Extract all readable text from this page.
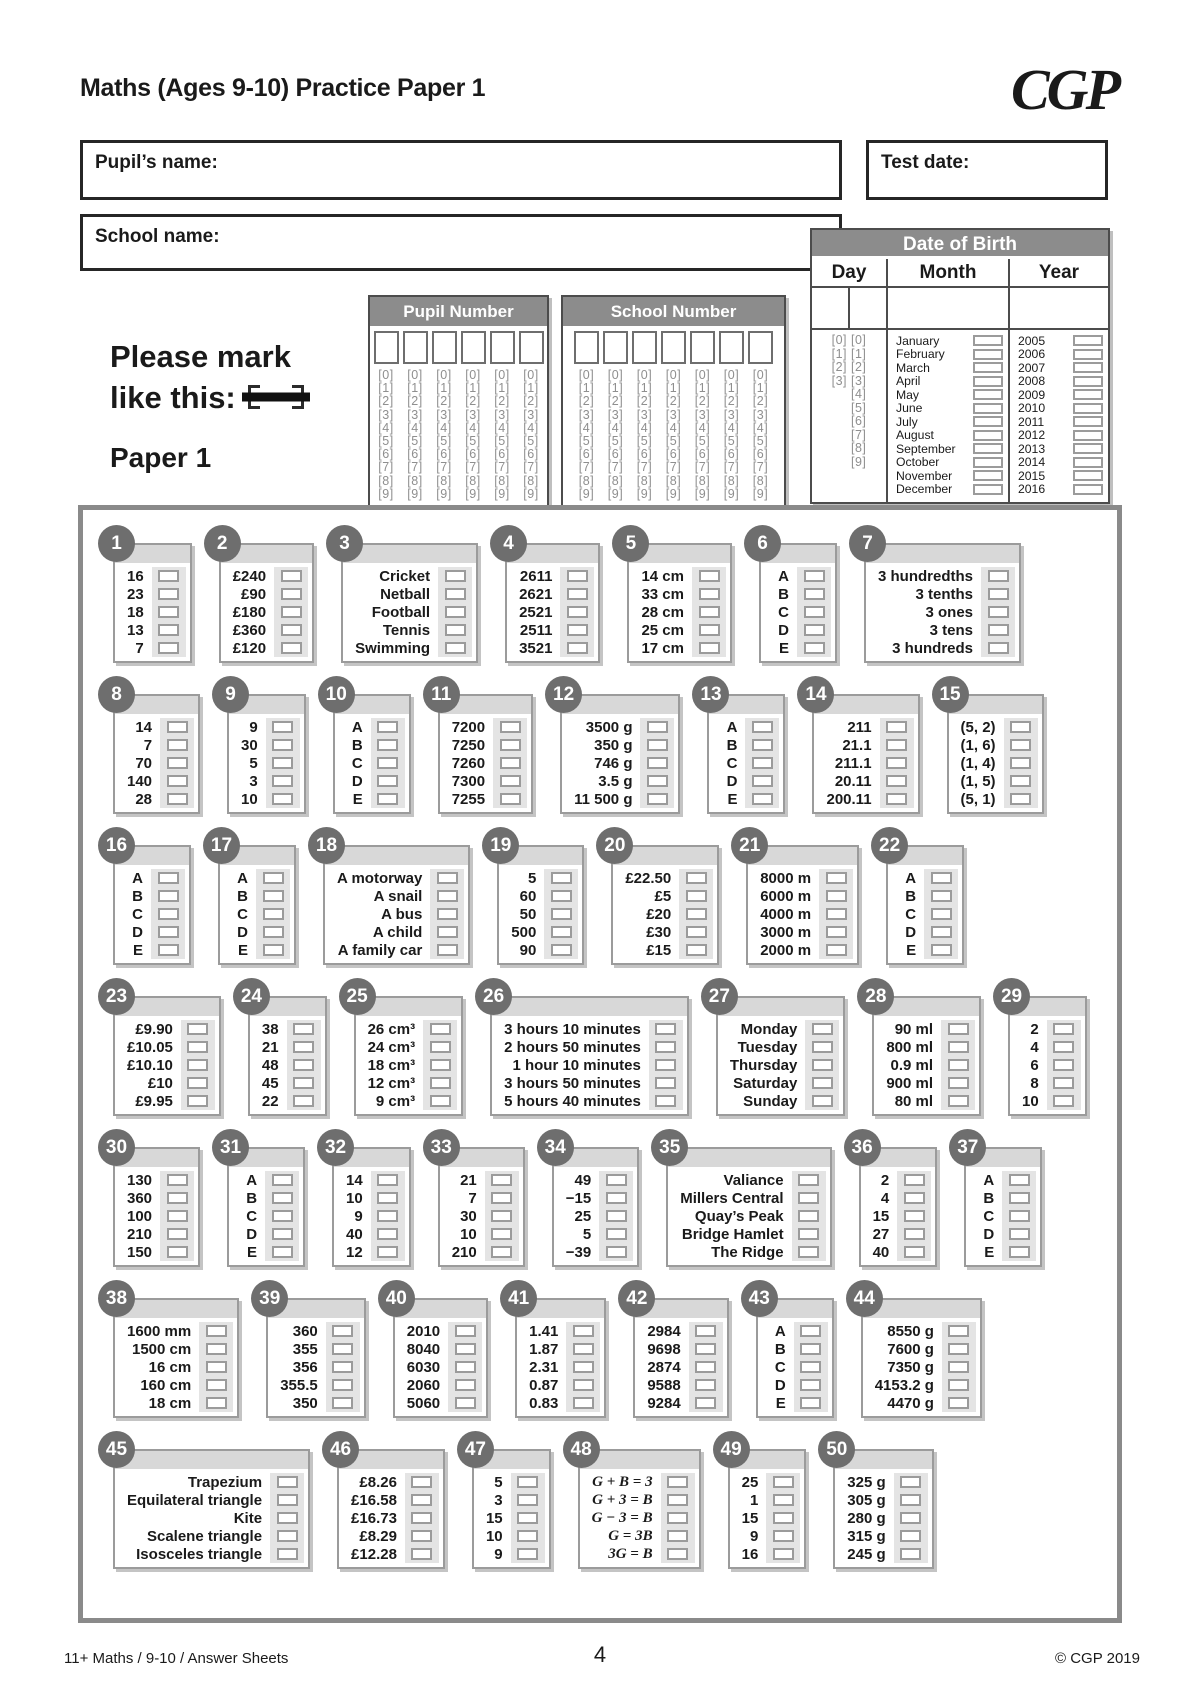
Maths (Ages 9-10) Practice Paper 1	CGP
Pupil’s name:	Test date:
School name:
Pupil Number
[0]
[1]
[2]
[3]
[4]
[5]
[6]
[7]
[8]
[9]
[0]
[1]
[2]
[3]
[4]
[5]
[6]
[7]
[8]
[9]
[0]
[1]
[2]
[3]
[4]
[5]
[6]
[7]
[8]
[9]
[0]
[1]
[2]
[3]
[4]
[5]
[6]
[7]
[8]
[9]
[0]
[1]
[2]
[3]
[4]
[5]
[6]
[7]
[8]
[9]
[0]
[1]
[2]
[3]
[4]
[5]
[6]
[7]
[8]
[9]
School Number
[0]
[1]
[2]
[3]
[4]
[5]
[6]
[7]
[8]
[9]
[0]
[1]
[2]
[3]
[4]
[5]
[6]
[7]
[8]
[9]
[0]
[1]
[2]
[3]
[4]
[5]
[6]
[7]
[8]
[9]
[0]
[1]
[2]
[3]
[4]
[5]
[6]
[7]
[8]
[9]
[0]
[1]
[2]
[3]
[4]
[5]
[6]
[7]
[8]
[9]
[0]
[1]
[2]
[3]
[4]
[5]
[6]
[7]
[8]
[9]
[0]
[1]
[2]
[3]
[4]
[5]
[6]
[7]
[8]
[9]
Date of Birth
Day	Month	Year
[0]
[1]
[2]
[3]
[0]
[1]
[2]
[3]
[4]
[5]
[6]
[7]
[8]
[9]
January
February
March
April
May
June
July
August
September
October
November
December
2005
2006
2007
2008
2009
2010
2011
2012
2013
2014
2015
2016
Please mark
like this:
Paper 1
1
16
23
18
13
7
2
£240
£90
£180
£360
£120
3
Cricket
Netball
Football
Tennis
Swimming
4
2611
2621
2521
2511
3521
5
14 cm
33 cm
28 cm
25 cm
17 cm
6
A
B
C
D
E
7
3 hundredths
3 tenths
3 ones
3 tens
3 hundreds
8
14
7
70
140
28
9
9
30
5
3
10
10
A
B
C
D
E
11
7200
7250
7260
7300
7255
12
3500 g
350 g
746 g
3.5 g
11 500 g
13
A
B
C
D
E
14
211
21.1
211.1
20.11
200.11
15
(5, 2)
(1, 6)
(1, 4)
(1, 5)
(5, 1)
16
A
B
C
D
E
17
A
B
C
D
E
18
A motorway
A snail
A bus
A child
A family car
19
5
60
50
500
90
20
£22.50
£5
£20
£30
£15
21
8000 m
6000 m
4000 m
3000 m
2000 m
22
A
B
C
D
E
23
£9.90
£10.05
£10.10
£10
£9.95
24
38
21
48
45
22
25
26 cm³
24 cm³
18 cm³
12 cm³
9 cm³
26
3 hours 10 minutes
2 hours 50 minutes
1 hour 10 minutes
3 hours 50 minutes
5 hours 40 minutes
27
Monday
Tuesday
Thursday
Saturday
Sunday
28
90 ml
800 ml
0.9 ml
900 ml
80 ml
29
2
4
6
8
10
30
130
360
100
210
150
31
A
B
C
D
E
32
14
10
9
40
12
33
21
7
30
10
210
34
49
−15
25
5
−39
35
Valiance
Millers Central
Quay’s Peak
Bridge Hamlet
The Ridge
36
2
4
15
27
40
37
A
B
C
D
E
38
1600 mm
1500 cm
16 cm
160 cm
18 cm
39
360
355
356
355.5
350
40
2010
8040
6030
2060
5060
41
1.41
1.87
2.31
0.87
0.83
42
2984
9698
2874
9588
9284
43
A
B
C
D
E
44
8550 g
7600 g
7350 g
4153.2 g
4470 g
45
Trapezium
Equilateral triangle
Kite
Scalene triangle
Isosceles triangle
46
£8.26
£16.58
£16.73
£8.29
£12.28
47
5
3
15
10
9
48
G + B = 3
G + 3 = B
G − 3 = B
G = 3B
3G = B
49
25
1
15
9
16
50
325 g
305 g
280 g
315 g
245 g
11+ Maths / 9-10 / Answer Sheets	4	© CGP 2019
